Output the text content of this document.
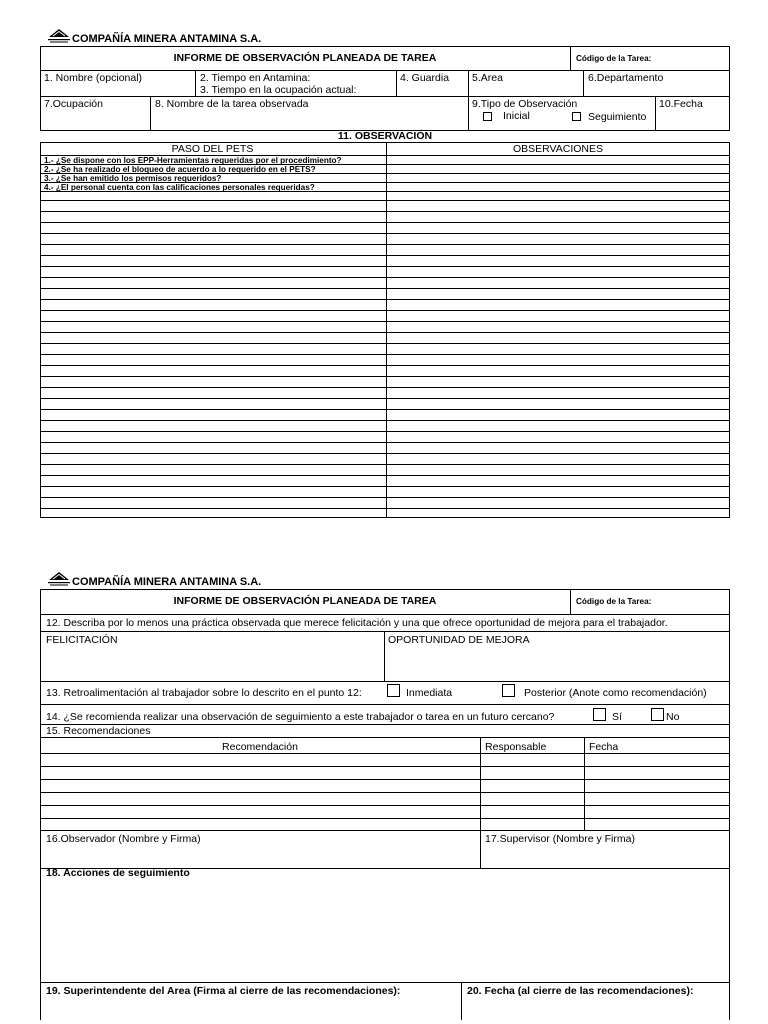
COMPAÑÍA MINERA ANTAMINA S.A.
INFORME DE OBSERVACIÓN PLANEADA DE TAREA	Código de la Tarea:
1. Nombre (opcional)	2. Tiempo en Antamina:
3. Tiempo en la ocupación actual:
4. Guardia 5.Area	6.Departamento
7.Ocupación	8. Nombre de la tarea observada	9.Tipo de Observación
Inicial	Seguimiento
10.Fecha
11. OBSERVACIÓN
PASO DEL PETS	OBSERVACIONES
1.- ¿Se dispone con los EPP-Herramientas requeridas por el procedimiento?
2.- ¿Se ha realizado el bloqueo de acuerdo a lo requerido en el PETS?
3.- ¿Se han emitido los permisos requeridos?
4.- ¿El personal cuenta con las calificaciones personales requeridas?
COMPAÑÍA MINERA ANTAMINA S.A.
INFORME DE OBSERVACIÓN PLANEADA DE TAREA	Código de la Tarea:
12. Describa por lo menos una práctica observada que merece felicitación y una que ofrece oportunidad de mejora para el trabajador.
FELICITACIÓN	OPORTUNIDAD DE MEJORA
13. Retroalimentación al trabajador sobre lo descrito en el punto 12:	Inmediata	Posterior (Anote como recomendación)
14. ¿Se recomienda realizar una observación de seguimiento a este trabajador o tarea en un futuro cercano?	Sí	No
15. Recomendaciones
Recomendación	Responsable	Fecha
16.Observador (Nombre y Firma)	17.Supervisor (Nombre y Firma)
18. Acciones de seguimiento
19. Superintendente del Area (Firma al cierre de las recomendaciones):	20. Fecha (al cierre de las recomendaciones):
